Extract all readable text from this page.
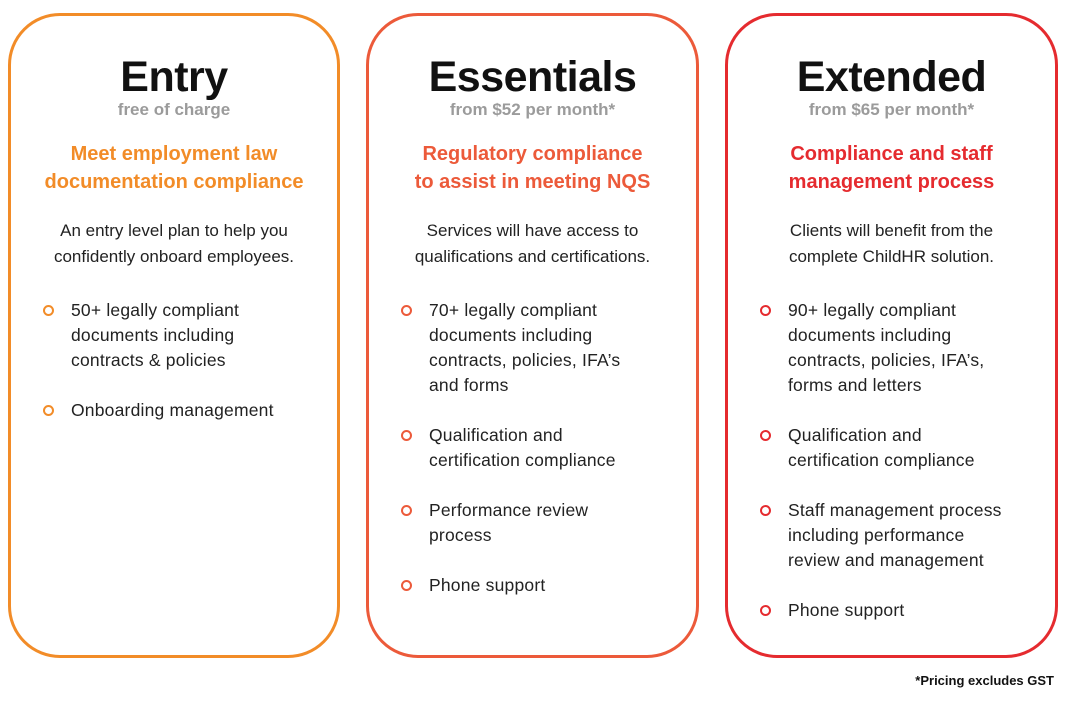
Entry

free of charge

Meet employment law
documentation compliance

An entry level plan to help you
confidently onboard employees.

50+ legally compliant
documents including
contracts & policies
Onboarding management
Essentials

from $52 per month*

Regulatory compliance
to assist in meeting NQS

Services will have access to
qualifications and certifications.

70+ legally compliant
documents including
contracts, policies, IFA’s
and forms
Qualification and
certification compliance
Performance review
process
Phone support
Extended

from $65 per month*

Compliance and staff
management process

Clients will benefit from the
complete ChildHR solution.

90+ legally compliant
documents including
contracts, policies, IFA’s,
forms and letters
Qualification and
certification compliance
Staff management process
including performance
review and management
Phone support
*Pricing excludes GST
